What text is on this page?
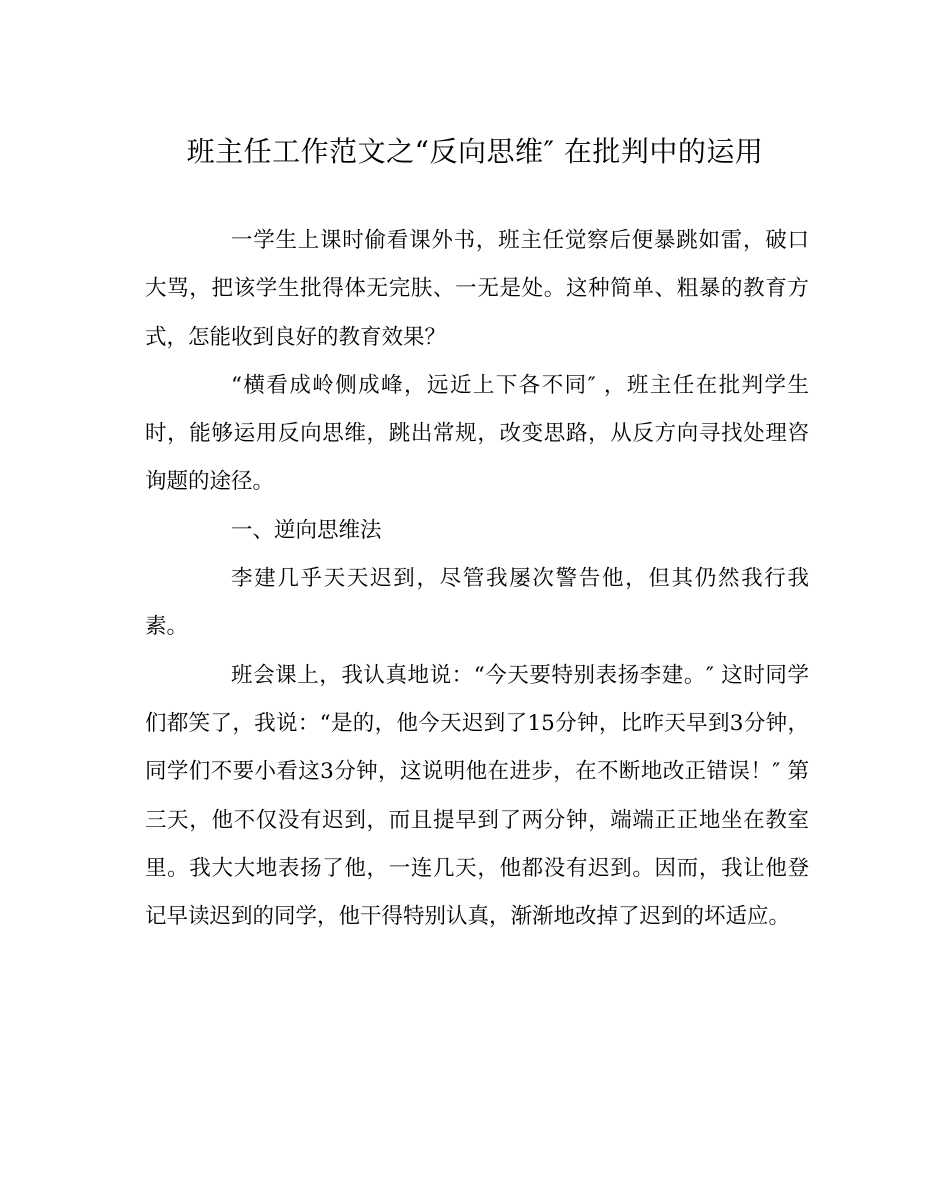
班主任工作范文之“反向思维″ 在批判中的运用

一学生上课时偷看课外书，班主任觉察后便暴跳如雷，破口大骂，把该学生批得体无完肤、一无是处。这种简单、粗暴的教育方式，怎能收到良好的教育效果？

“横看成岭侧成峰，远近上下各不同″ ，班主任在批判学生时，能够运用反向思维，跳出常规，改变思路，从反方向寻找处理咨询题的途径。

一、逆向思维法

李建几乎天天迟到，尽管我屡次警告他，但其仍然我行我素。

班会课上，我认真地说：“今天要特别表扬李建。″ 这时同学们都笑了，我说：“是的，他今天迟到了15分钟，比昨天早到3分钟，同学们不要小看这3分钟，这说明他在进步，在不断地改正错误！″ 第三天，他不仅没有迟到，而且提早到了两分钟，端端正正地坐在教室里。我大大地表扬了他，一连几天，他都没有迟到。因而，我让他登记早读迟到的同学，他干得特别认真，渐渐地改掉了迟到的坏适应。
